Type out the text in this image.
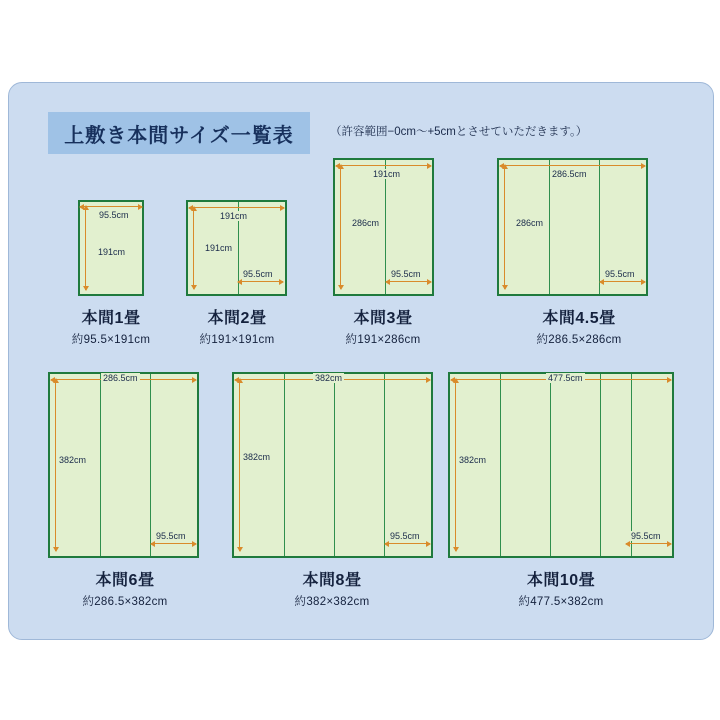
上敷き本間サイズ一覧表	（許容範囲−0cm〜+5cmとさせていただきます。）
95.5cm
191cm
本間1畳
約95.5×191cm
191cm
191cm
95.5cm
本間2畳
約191×191cm
191cm
286cm
95.5cm
本間3畳
約191×286cm
286.5cm
286cm
95.5cm
本間4.5畳
約286.5×286cm
286.5cm
382cm
95.5cm
本間6畳
約286.5×382cm
382cm
382cm
95.5cm
本間8畳
約382×382cm
477.5cm
382cm
95.5cm
本間10畳
約477.5×382cm
